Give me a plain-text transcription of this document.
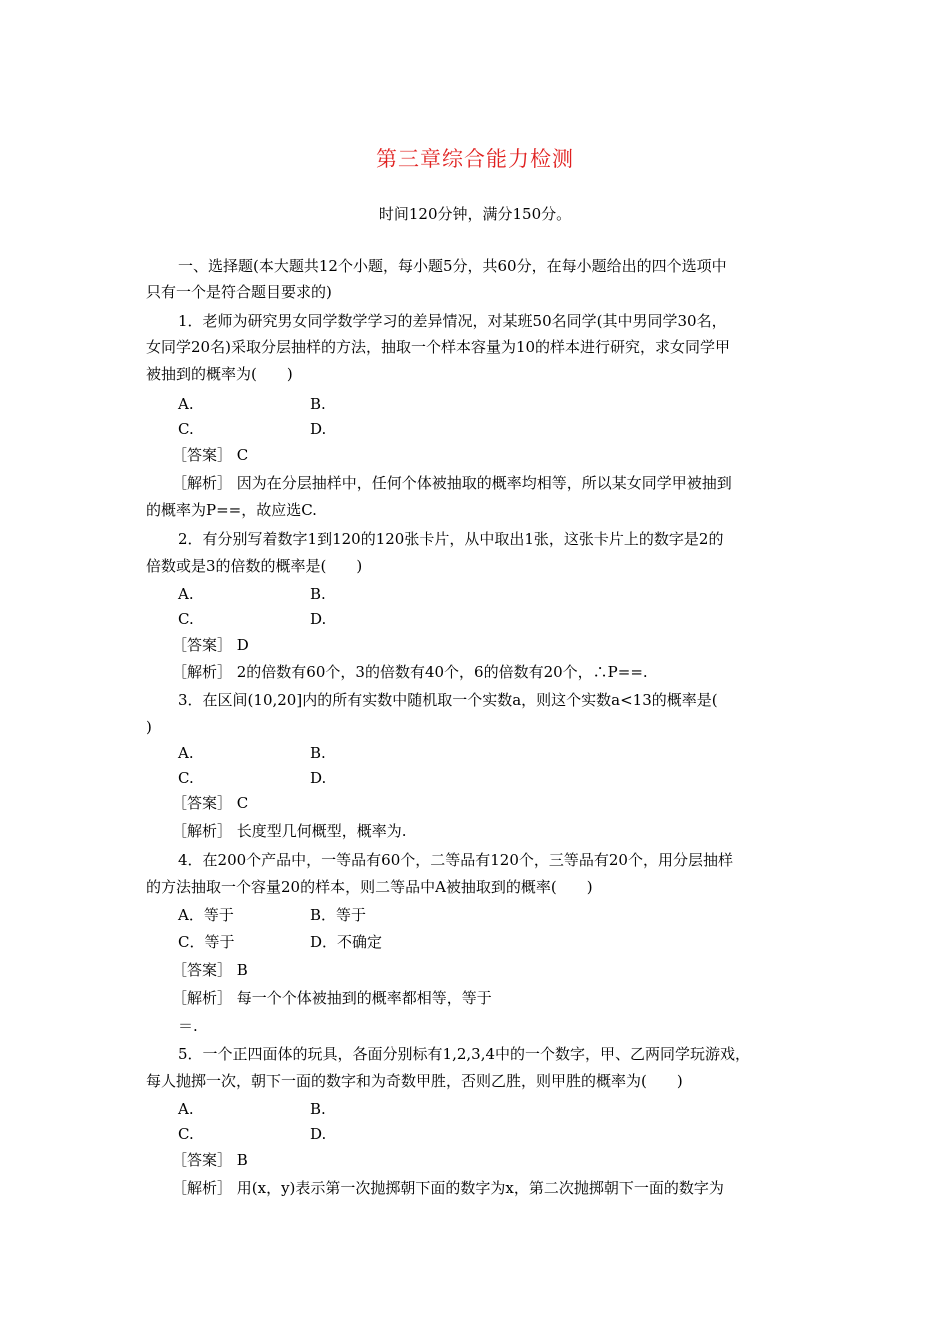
第三章综合能力检测
时间120分钟，满分150分。
一、选择题(本大题共12个小题，每小题5分，共60分，在每小题给出的四个选项中
只有一个是符合题目要求的)
1．老师为研究男女同学数学学习的差异情况，对某班50名同学(其中男同学30名，
女同学20名)采取分层抽样的方法，抽取一个样本容量为10的样本进行研究，求女同学甲
被抽到的概率为(　　)
A.	B.
C.	D.
［答案］ C
［解析］ 因为在分层抽样中，任何个体被抽取的概率均相等，所以某女同学甲被抽到
的概率为P==，故应选C.
2．有分别写着数字1到120的120张卡片，从中取出1张，这张卡片上的数字是2的
倍数或是3的倍数的概率是(　　)
A.	B.
C.	D.
［答案］ D
［解析］ 2的倍数有60个，3的倍数有40个，6的倍数有20个，∴P==.
3．在区间(10,20]内的所有实数中随机取一个实数a，则这个实数a<13的概率是(
)
A.	B.
C.	D.
［答案］ C
［解析］ 长度型几何概型，概率为.
4．在200个产品中，一等品有60个，二等品有120个，三等品有20个，用分层抽样
的方法抽取一个容量20的样本，则二等品中A被抽取到的概率(　　)
A．等于	B．等于
C．等于	D．不确定
［答案］ B
［解析］ 每一个个体被抽到的概率都相等，等于
＝.
5．一个正四面体的玩具，各面分别标有1,2,3,4中的一个数字，甲、乙两同学玩游戏，
每人抛掷一次，朝下一面的数字和为奇数甲胜，否则乙胜，则甲胜的概率为(　　)
A.	B.
C.	D.
［答案］ B
［解析］ 用(x，y)表示第一次抛掷朝下面的数字为x，第二次抛掷朝下一面的数字为
